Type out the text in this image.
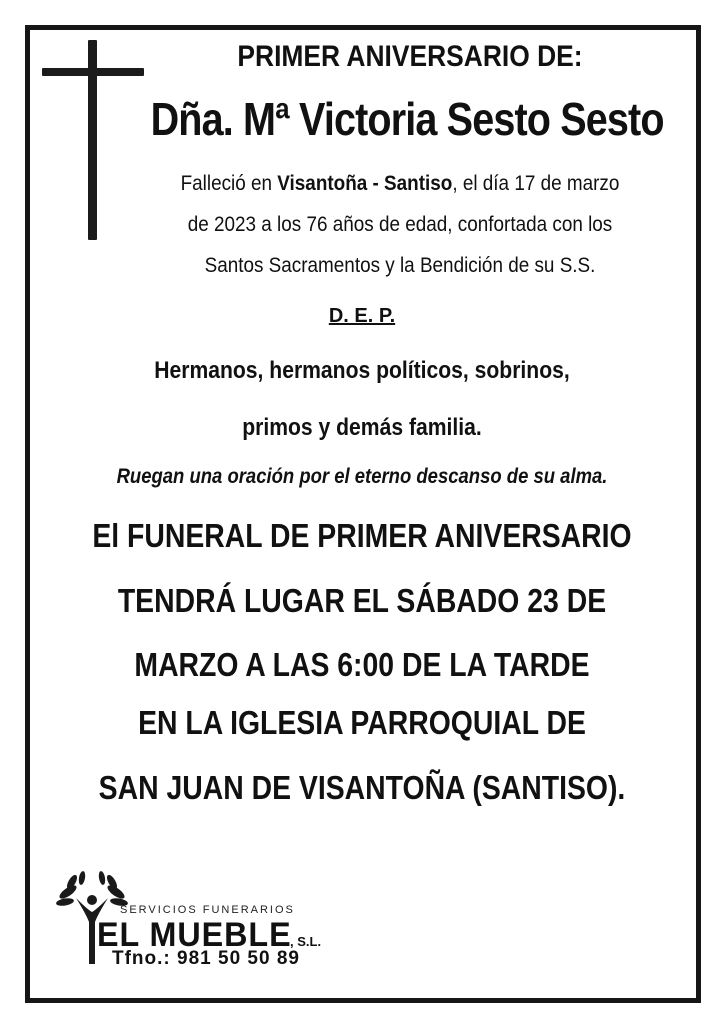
PRIMER ANIVERSARIO DE:
Dña. Mª Victoria Sesto Sesto
Falleció en Visantoña - Santiso, el día 17 de marzo
de 2023 a los 76 años de edad, confortada con los
Santos Sacramentos y la Bendición de su S.S.
D. E. P.
Hermanos, hermanos políticos, sobrinos,
primos y demás familia.
Ruegan una oración por el eterno descanso de su alma.
El FUNERAL DE PRIMER ANIVERSARIO
TENDRÁ LUGAR EL SÁBADO 23 DE
MARZO A LAS 6:00 DE LA TARDE
EN LA IGLESIA PARROQUIAL DE
SAN JUAN DE VISANTOÑA (SANTISO).
SERVICIOS FUNERARIOS
EL MUEBLE
, S.L.
Tfno.: 981 50 50 89
